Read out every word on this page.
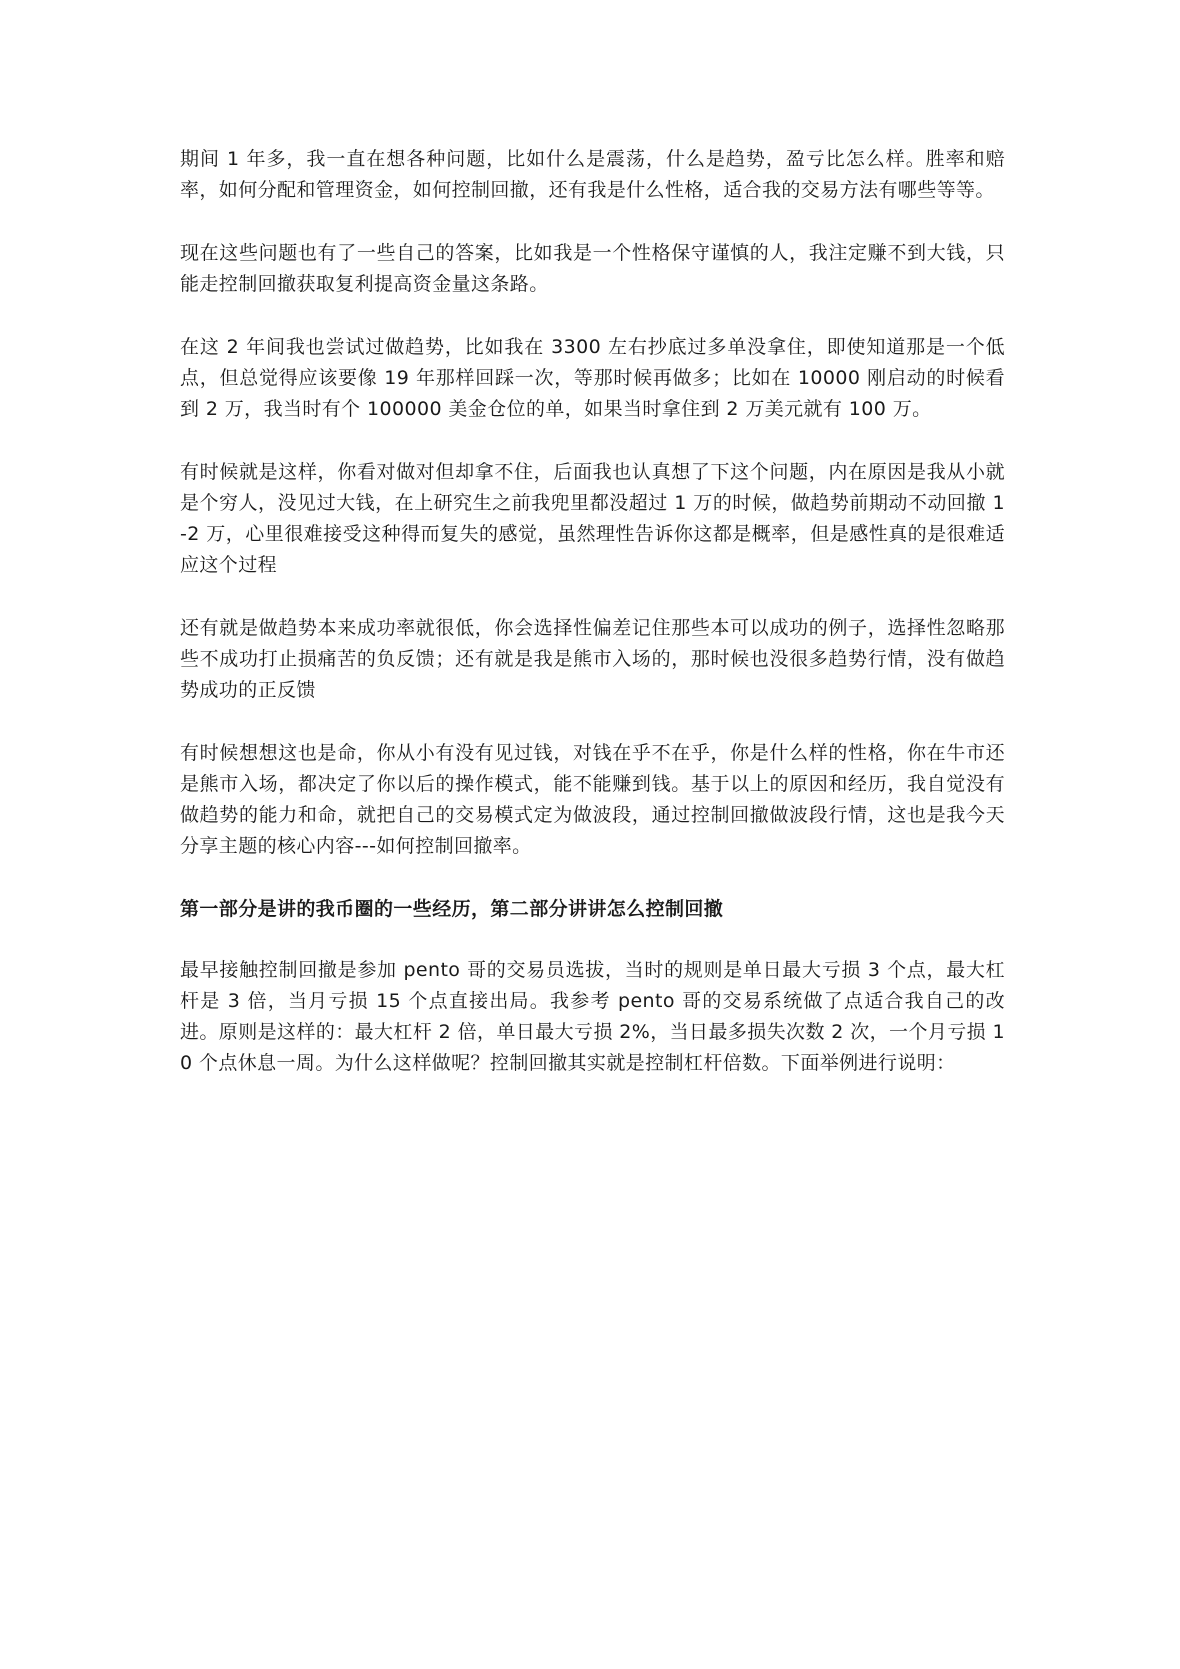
期间 1 年多，我一直在想各种问题，比如什么是震荡，什么是趋势，盈亏比怎么样。胜率和赔率，如何分配和管理资金，如何控制回撤，还有我是什么性格，适合我的交易方法有哪些等等。

现在这些问题也有了一些自己的答案，比如我是一个性格保守谨慎的人，我注定赚不到大钱，只能走控制回撤获取复利提高资金量这条路。

在这 2 年间我也尝试过做趋势，比如我在 3300 左右抄底过多单没拿住，即使知道那是一个低点，但总觉得应该要像 19 年那样回踩一次，等那时候再做多；比如在 10000 刚启动的时候看到 2 万，我当时有个 100000 美金仓位的单，如果当时拿住到 2 万美元就有 100 万。

有时候就是这样，你看对做对但却拿不住，后面我也认真想了下这个问题，内在原因是我从小就是个穷人，没见过大钱，在上研究生之前我兜里都没超过 1 万的时候，做趋势前期动不动回撤 1-2 万，心里很难接受这种得而复失的感觉，虽然理性告诉你这都是概率，但是感性真的是很难适应这个过程

还有就是做趋势本来成功率就很低，你会选择性偏差记住那些本可以成功的例子，选择性忽略那些不成功打止损痛苦的负反馈；还有就是我是熊市入场的，那时候也没很多趋势行情，没有做趋势成功的正反馈

有时候想想这也是命，你从小有没有见过钱，对钱在乎不在乎，你是什么样的性格，你在牛市还是熊市入场，都决定了你以后的操作模式，能不能赚到钱。基于以上的原因和经历，我自觉没有做趋势的能力和命，就把自己的交易模式定为做波段，通过控制回撤做波段行情，这也是我今天分享主题的核心内容---如何控制回撤率。

第一部分是讲的我币圈的一些经历，第二部分讲讲怎么控制回撤

最早接触控制回撤是参加 pento 哥的交易员选拔，当时的规则是单日最大亏损 3 个点，最大杠杆是 3 倍，当月亏损 15 个点直接出局。我参考 pento 哥的交易系统做了点适合我自己的改进。原则是这样的：最大杠杆 2 倍，单日最大亏损 2%，当日最多损失次数 2 次，一个月亏损 10 个点休息一周。为什么这样做呢？控制回撤其实就是控制杠杆倍数。下面举例进行说明：
